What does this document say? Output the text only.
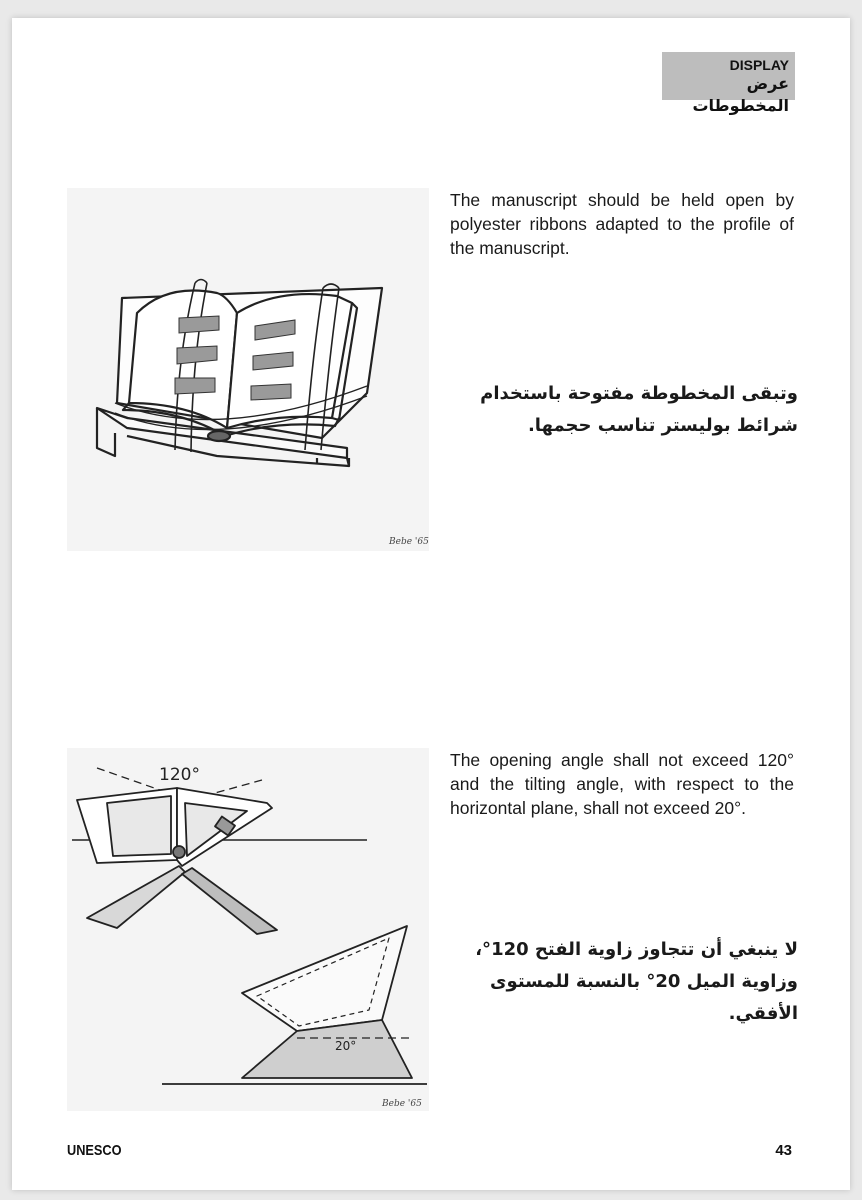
DISPLAY
عرض المخطوطات
Bebe '65
The manuscript should be held open by polyester ribbons adapted to the profile of the manuscript.
وتبقى المخطوطة مفتوحة باستخدام شرائط بوليستر تناسب حجمها.
120°
20°
Bebe '65
The opening angle shall not exceed 120° and the tilting angle, with respect to the horizontal plane, shall not exceed 20°.
لا ينبغي أن تتجاوز زاوية الفتح 120°، وزاوية الميل 20° بالنسبة للمستوى الأفقي.
UNESCO	43
